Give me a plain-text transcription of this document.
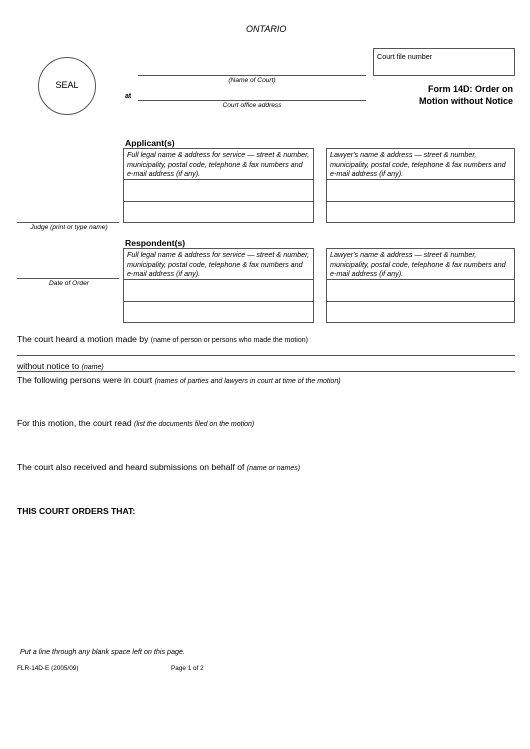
ONTARIO
SEAL	(Name of Court)
at
Court office address
Court file number
Form 14D: Order on
Motion without Notice
Judge (print or type name)
Date of Order
Applicant(s)
Full legal name & address for service — street & number, municipality, postal code, telephone & fax numbers and e-mail address (if any).
Lawyer's name & address — street & number, municipality, postal code, telephone & fax numbers and e-mail address (if any).
Respondent(s)
Full legal name & address for service — street & number, municipality, postal code, telephone & fax numbers and e-mail address (if any).
Lawyer's name & address — street & number, municipality, postal code, telephone & fax numbers and e-mail address (if any).
The court heard a motion made by (name of person or persons who made the motion)
without notice to (name)
The following persons were in court (names of parties and lawyers in court at time of the motion)
For this motion, the court read (list the documents filed on the motion)
The court also received and heard submissions on behalf of (name or names)
THIS COURT ORDERS THAT:
Put a line through any blank space left on this page.
FLR-14D-E (2005/09)	Page 1 of 2
